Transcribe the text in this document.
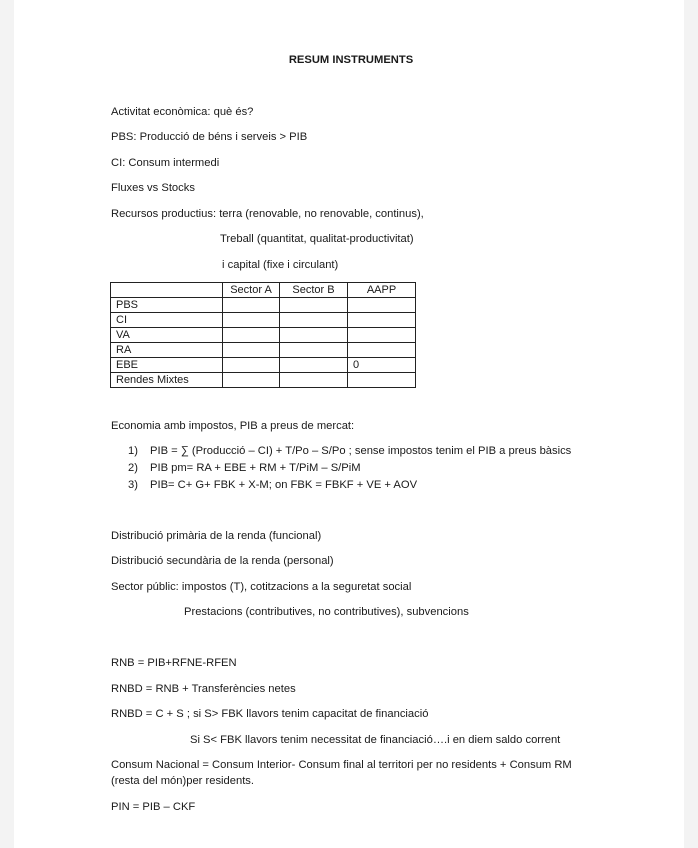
RESUM INSTRUMENTS
Activitat econòmica: què és?
PBS: Producció de béns i serveis > PIB
CI: Consum intermedi
Fluxes vs Stocks
Recursos productius: terra (renovable, no renovable, continus),
Treball (quantitat, qualitat-productivitat)
i capital (fixe i circulant)
	Sector A	Sector B	AAPP
PBS			
CI			
VA			
RA			
EBE			0
Rendes Mixtes			
Economia amb impostos, PIB a preus de mercat:
1) PIB = ∑ (Producció – CI) + T/Po – S/Po ; sense impostos tenim el PIB a preus bàsics
2) PIB pm= RA + EBE + RM + T/PiM – S/PiM
3) PIB= C+ G+ FBK + X-M; on FBK = FBKF + VE + AOV
Distribució primària de la renda (funcional)
Distribució secundària de la renda (personal)
Sector públic: impostos (T), cotitzacions a la seguretat social
Prestacions (contributives, no contributives), subvencions
RNB = PIB+RFNE-RFEN
RNBD = RNB + Transferències netes
RNBD = C + S ; si S> FBK llavors tenim capacitat de financiació
Si S< FBK llavors tenim necessitat de financiació….i en diem saldo corrent
Consum Nacional = Consum Interior- Consum final al territori per no residents + Consum RM
(resta del món)per residents.
PIN = PIB – CKF
